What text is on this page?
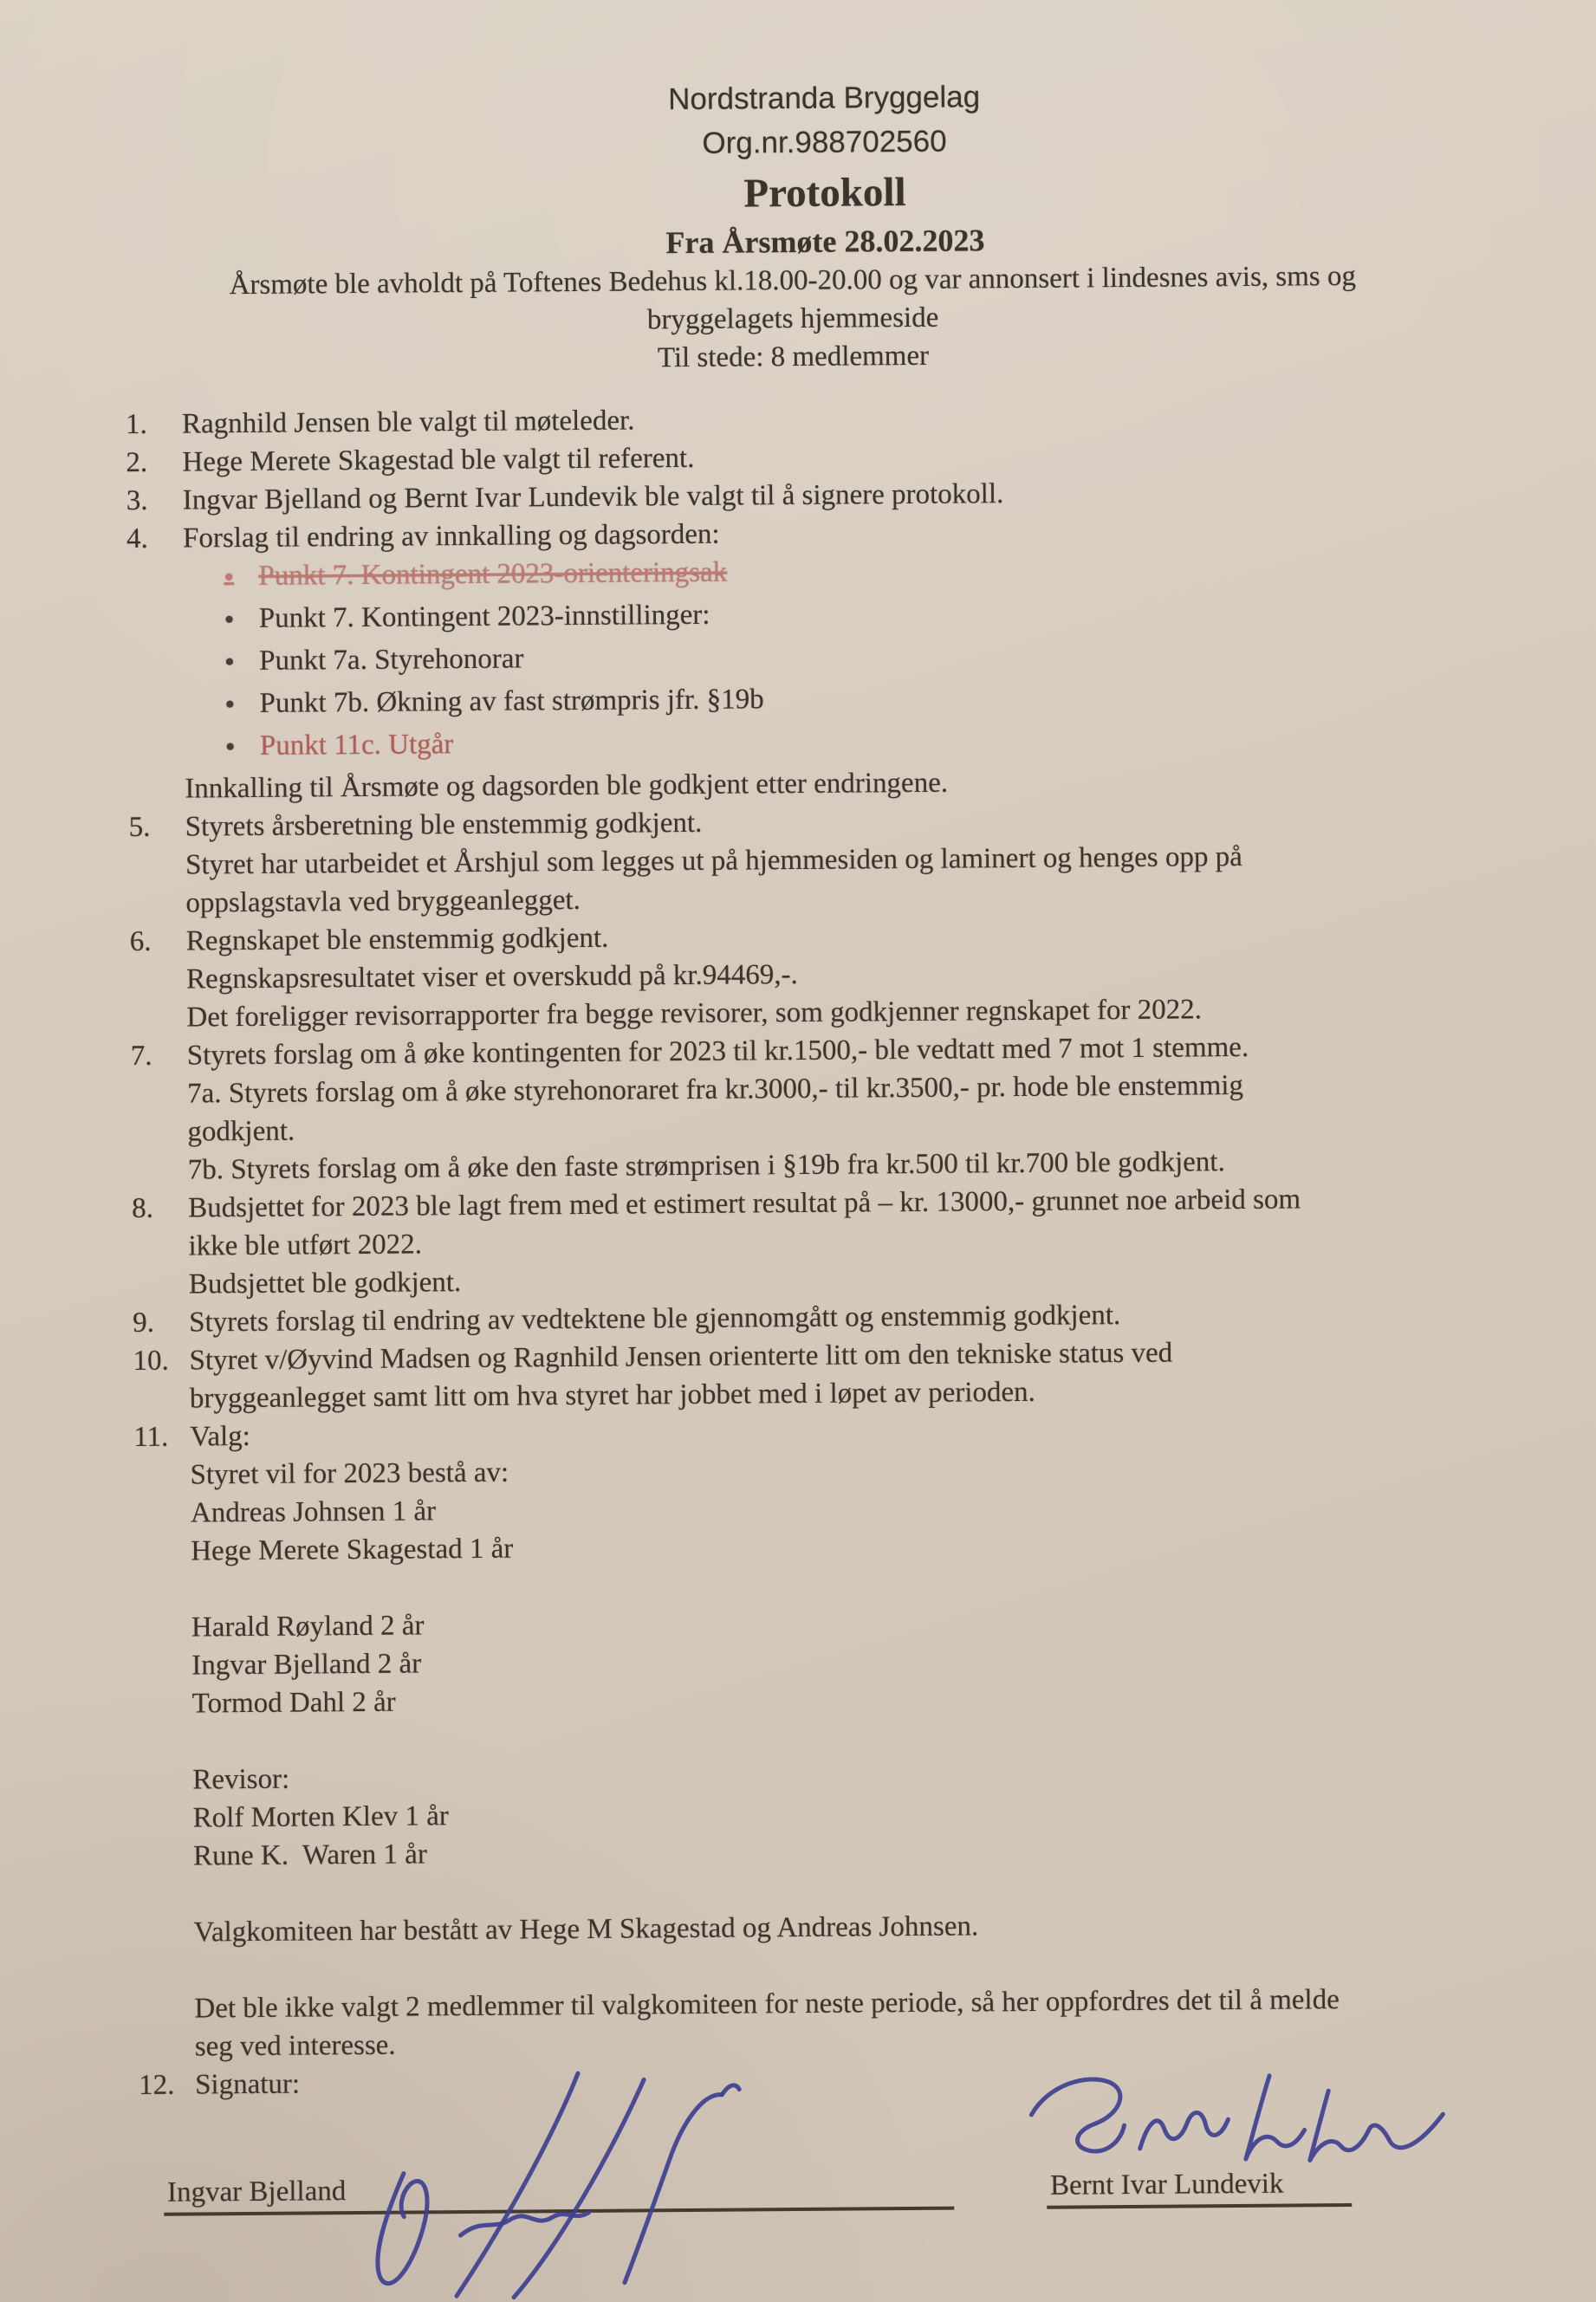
Nordstranda Bryggelag
Org.nr.988702560
Protokoll
Fra Årsmøte 28.02.2023

Årsmøte ble avholdt på Toftenes Bedehus kl.18.00-20.00 og var annonsert i lindesnes avis, sms og

bryggelagets hjemmeside

Til stede: 8 medlemmer

1.	Ragnhild Jensen ble valgt til møteleder.
2.	Hege Merete Skagestad ble valgt til referent.
3.	Ingvar Bjelland og Bernt Ivar Lundevik ble valgt til å signere protokoll.
4.	Forslag til endring av innkalling og dagsorden:
●
Punkt 7. Kontingent 2023-orienteringsak
●
Punkt 7. Kontingent 2023-innstillinger:
●
Punkt 7a. Styrehonorar
●
Punkt 7b. Økning av fast strømpris jfr. §19b
●
Punkt 11c. Utgår
Innkalling til Årsmøte og dagsorden ble godkjent etter endringene.
5.	Styrets årsberetning ble enstemmig godkjent.
Styret har utarbeidet et Årshjul som legges ut på hjemmesiden og laminert og henges opp på
oppslagstavla ved bryggeanlegget.
6.	Regnskapet ble enstemmig godkjent.
Regnskapsresultatet viser et overskudd på kr.94469,-.
Det foreligger revisorrapporter fra begge revisorer, som godkjenner regnskapet for 2022.
7.	Styrets forslag om å øke kontingenten for 2023 til kr.1500,- ble vedtatt med 7 mot 1 stemme.
7a. Styrets forslag om å øke styrehonoraret fra kr.3000,- til kr.3500,- pr. hode ble enstemmig
godkjent.
7b. Styrets forslag om å øke den faste strømprisen i §19b fra kr.500 til kr.700 ble godkjent.
8.	Budsjettet for 2023 ble lagt frem med et estimert resultat på – kr. 13000,- grunnet noe arbeid som
ikke ble utført 2022.
Budsjettet ble godkjent.
9.	Styrets forslag til endring av vedtektene ble gjennomgått og enstemmig godkjent.
10. Styret v/Øyvind Madsen og Ragnhild Jensen orienterte litt om den tekniske status ved
bryggeanlegget samt litt om hva styret har jobbet med i løpet av perioden.
11. Valg:
Styret vil for 2023 bestå av:
Andreas Johnsen 1 år
Hege Merete Skagestad 1 år
Harald Røyland 2 år
Ingvar Bjelland 2 år
Tormod Dahl 2 år
Revisor:
Rolf Morten Klev 1 år
Rune K.  Waren 1 år
Valgkomiteen har bestått av Hege M Skagestad og Andreas Johnsen.
Det ble ikke valgt 2 medlemmer til valgkomiteen for neste periode, så her oppfordres det til å melde
seg ved interesse.
12. Signatur:
Ingvar Bjelland	Bernt Ivar Lundevik
